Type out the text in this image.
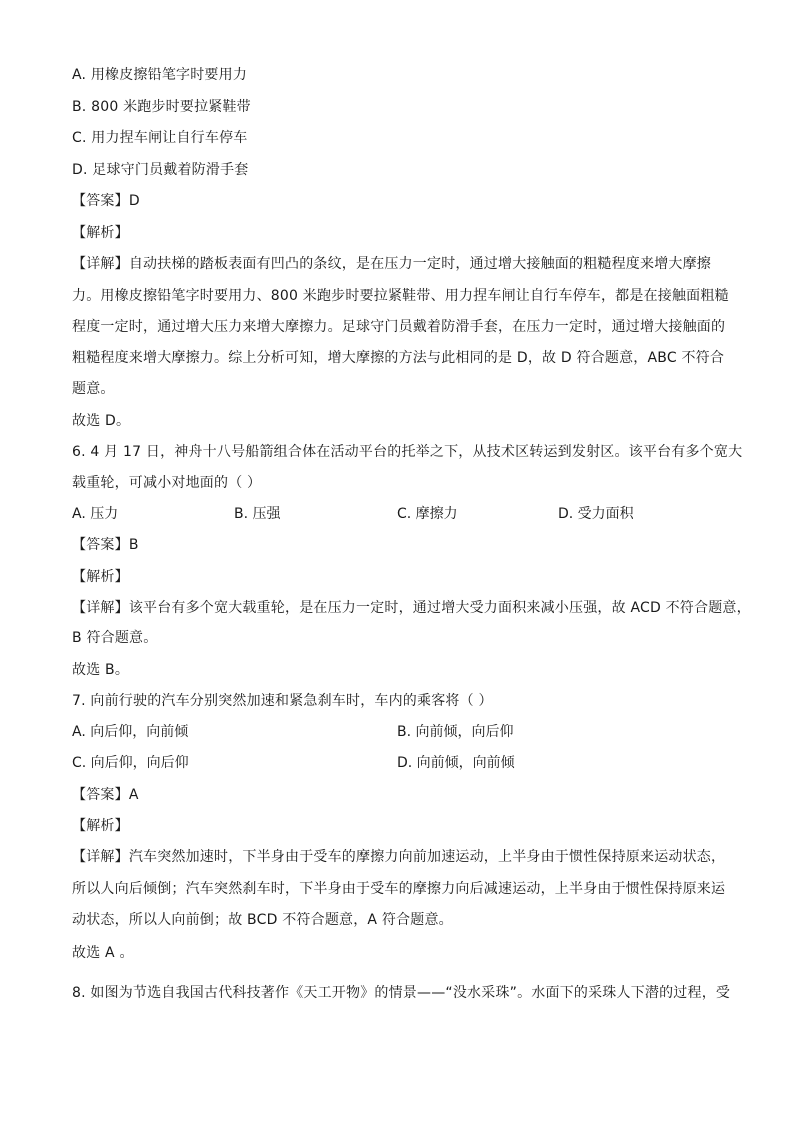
A. 用橡皮擦铅笔字时要用力
B. 800 米跑步时要拉紧鞋带
C. 用力捏车闸让自行车停车
D. 足球守门员戴着防滑手套
【答案】D
【解析】
【详解】自动扶梯的踏板表面有凹凸的条纹，是在压力一定时，通过增大接触面的粗糙程度来增大摩擦
力。用橡皮擦铅笔字时要用力、800 米跑步时要拉紧鞋带、用力捏车闸让自行车停车，都是在接触面粗糙
程度一定时，通过增大压力来增大摩擦力。足球守门员戴着防滑手套，在压力一定时，通过增大接触面的
粗糙程度来增大摩擦力。综上分析可知，增大摩擦的方法与此相同的是 D，故 D 符合题意，ABC 不符合
题意。
故选 D。
6. 4 月 17 日，神舟十八号船箭组合体在活动平台的托举之下，从技术区转运到发射区。该平台有多个宽大
载重轮，可减小对地面的（ ）
A. 压力	B. 压强	C. 摩擦力	D. 受力面积
【答案】B
【解析】
【详解】该平台有多个宽大载重轮，是在压力一定时，通过增大受力面积来减小压强，故 ACD 不符合题意，
B 符合题意。
故选 B。
7. 向前行驶的汽车分别突然加速和紧急刹车时，车内的乘客将（ ）
A. 向后仰，向前倾	B. 向前倾，向后仰
C. 向后仰，向后仰	D. 向前倾，向前倾
【答案】A
【解析】
【详解】汽车突然加速时，下半身由于受车的摩擦力向前加速运动，上半身由于惯性保持原来运动状态，
所以人向后倾倒；汽车突然刹车时，下半身由于受车的摩擦力向后减速运动，上半身由于惯性保持原来运
动状态，所以人向前倒；故 BCD 不符合题意，A 符合题意。
故选 A 。
8. 如图为节选自我国古代科技著作《天工开物》的情景——“没水采珠”。水面下的采珠人下潜的过程，受
